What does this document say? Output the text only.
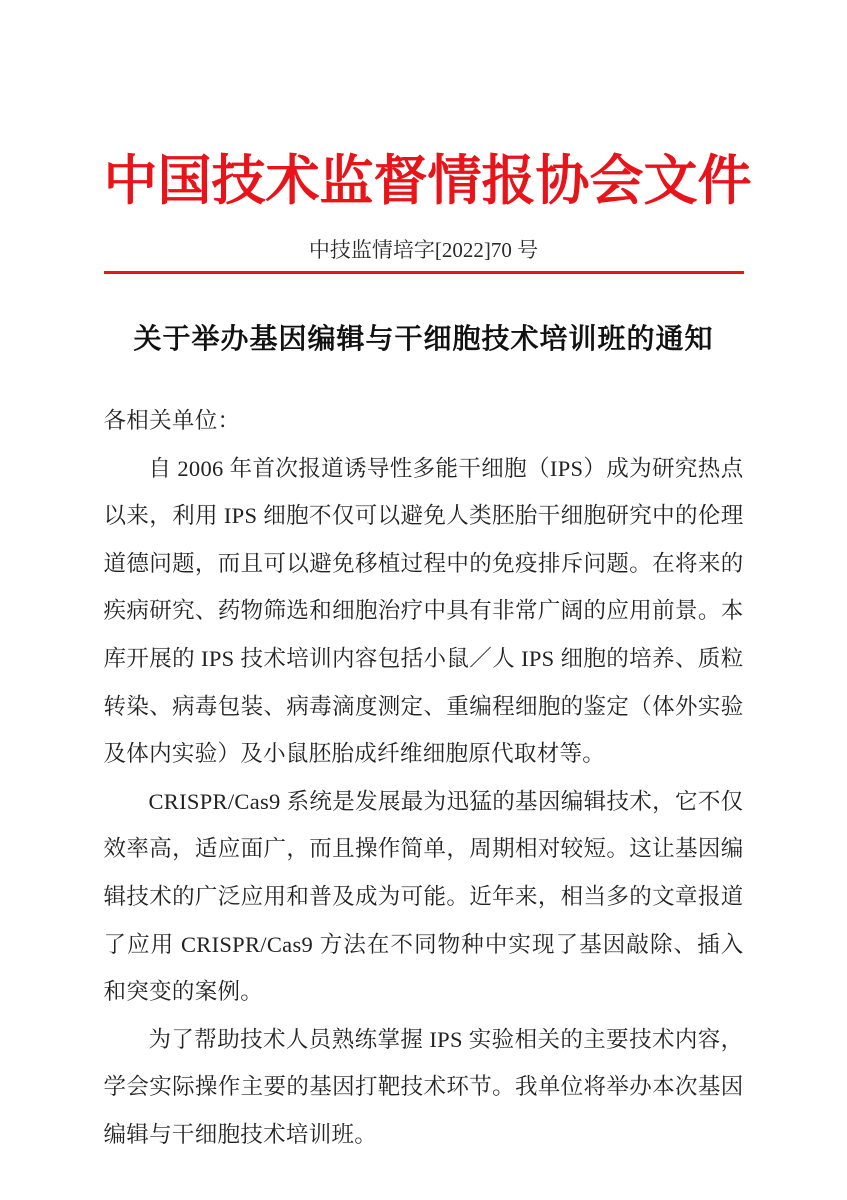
中国技术监督情报协会文件
中技监情培字[2022]70 号
关于举办基因编辑与干细胞技术培训班的通知

各相关单位：

自 2006 年首次报道诱导性多能干细胞（IPS）成为研究热点以来，利用 IPS 细胞不仅可以避免人类胚胎干细胞研究中的伦理道德问题，而且可以避免移植过程中的免疫排斥问题。在将来的疾病研究、药物筛选和细胞治疗中具有非常广阔的应用前景。本库开展的 IPS 技术培训内容包括小鼠／人 IPS 细胞的培养、质粒转染、病毒包装、病毒滴度测定、重编程细胞的鉴定（体外实验及体内实验）及小鼠胚胎成纤维细胞原代取材等。

CRISPR/Cas9 系统是发展最为迅猛的基因编辑技术，它不仅效率高，适应面广，而且操作简单，周期相对较短。这让基因编辑技术的广泛应用和普及成为可能。近年来，相当多的文章报道了应用 CRISPR/Cas9 方法在不同物种中实现了基因敲除、插入和突变的案例。

为了帮助技术人员熟练掌握 IPS 实验相关的主要技术内容，学会实际操作主要的基因打靶技术环节。我单位将举办本次基因编辑与干细胞技术培训班。
